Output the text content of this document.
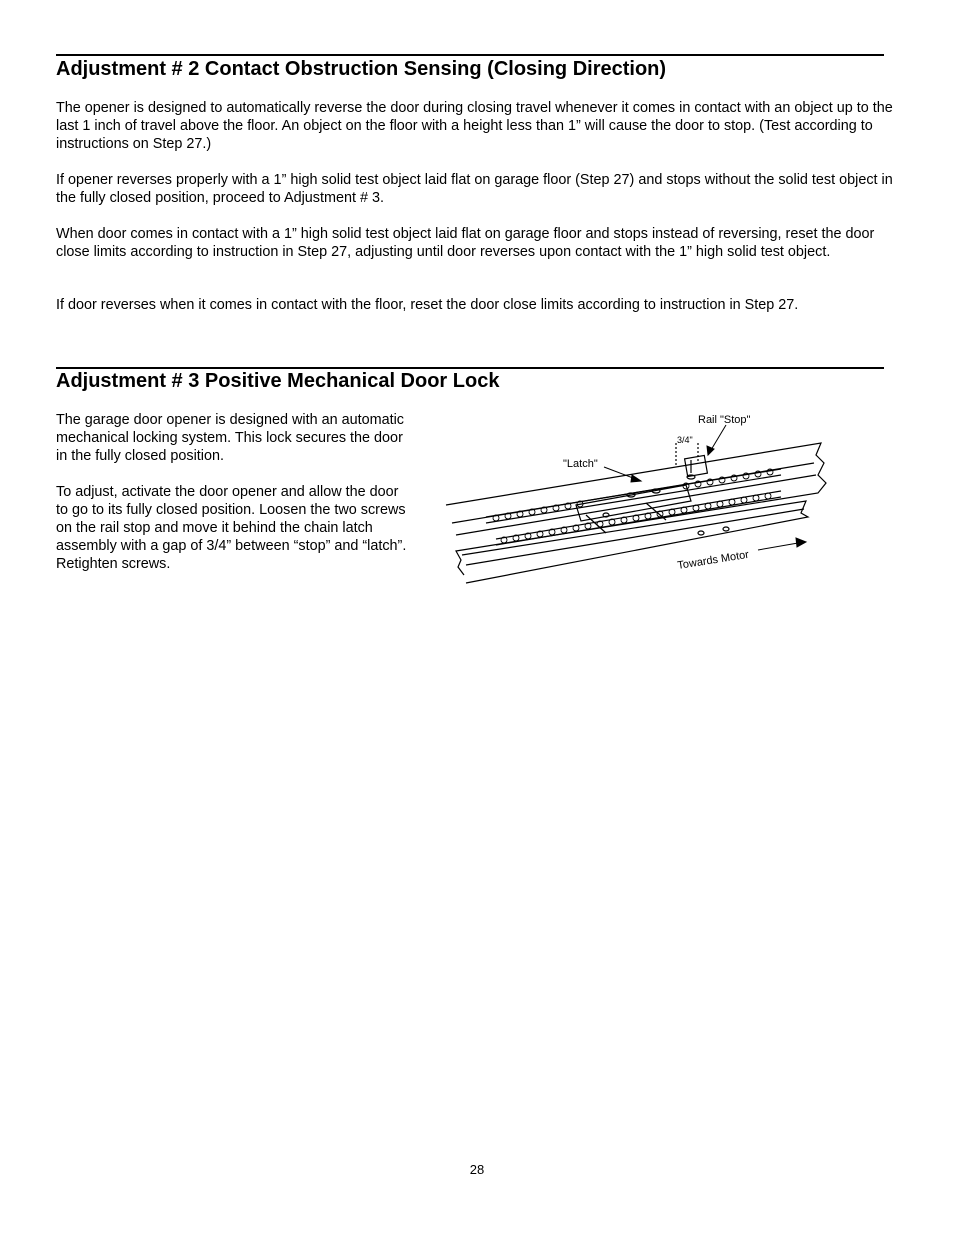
Adjustment # 2 Contact Obstruction Sensing (Closing Direction)

The opener is designed to automatically reverse the door during closing travel whenever it comes in contact with an object up to the last 1 inch of travel above the floor. An object on the floor with a height less than 1” will cause the door to stop. (Test according to instructions on Step 27.)

If opener reverses properly with a 1” high solid test object laid flat on garage floor (Step 27) and stops without the solid test object in the fully closed position, proceed to Adjustment # 3.

When door comes in contact with a 1” high solid test object laid flat on garage floor and stops instead of reversing, reset the door close limits according to instruction in Step 27, adjusting until door reverses upon contact with the 1” high solid test object.

If door reverses when it comes in contact with the floor, reset the door close limits according to instruction in Step 27.

Adjustment # 3 Positive Mechanical Door Lock

The garage door opener is designed with an automatic mechanical locking system. This lock secures the door in the fully closed position.

To adjust, activate the door opener and allow the door to go to its fully closed position. Loosen the two screws on the rail stop and move it behind the chain latch assembly with a gap of 3/4” between “stop” and “latch”. Retighten screws.

Rail "Stop"
3/4"
"Latch"
Towards Motor
28
